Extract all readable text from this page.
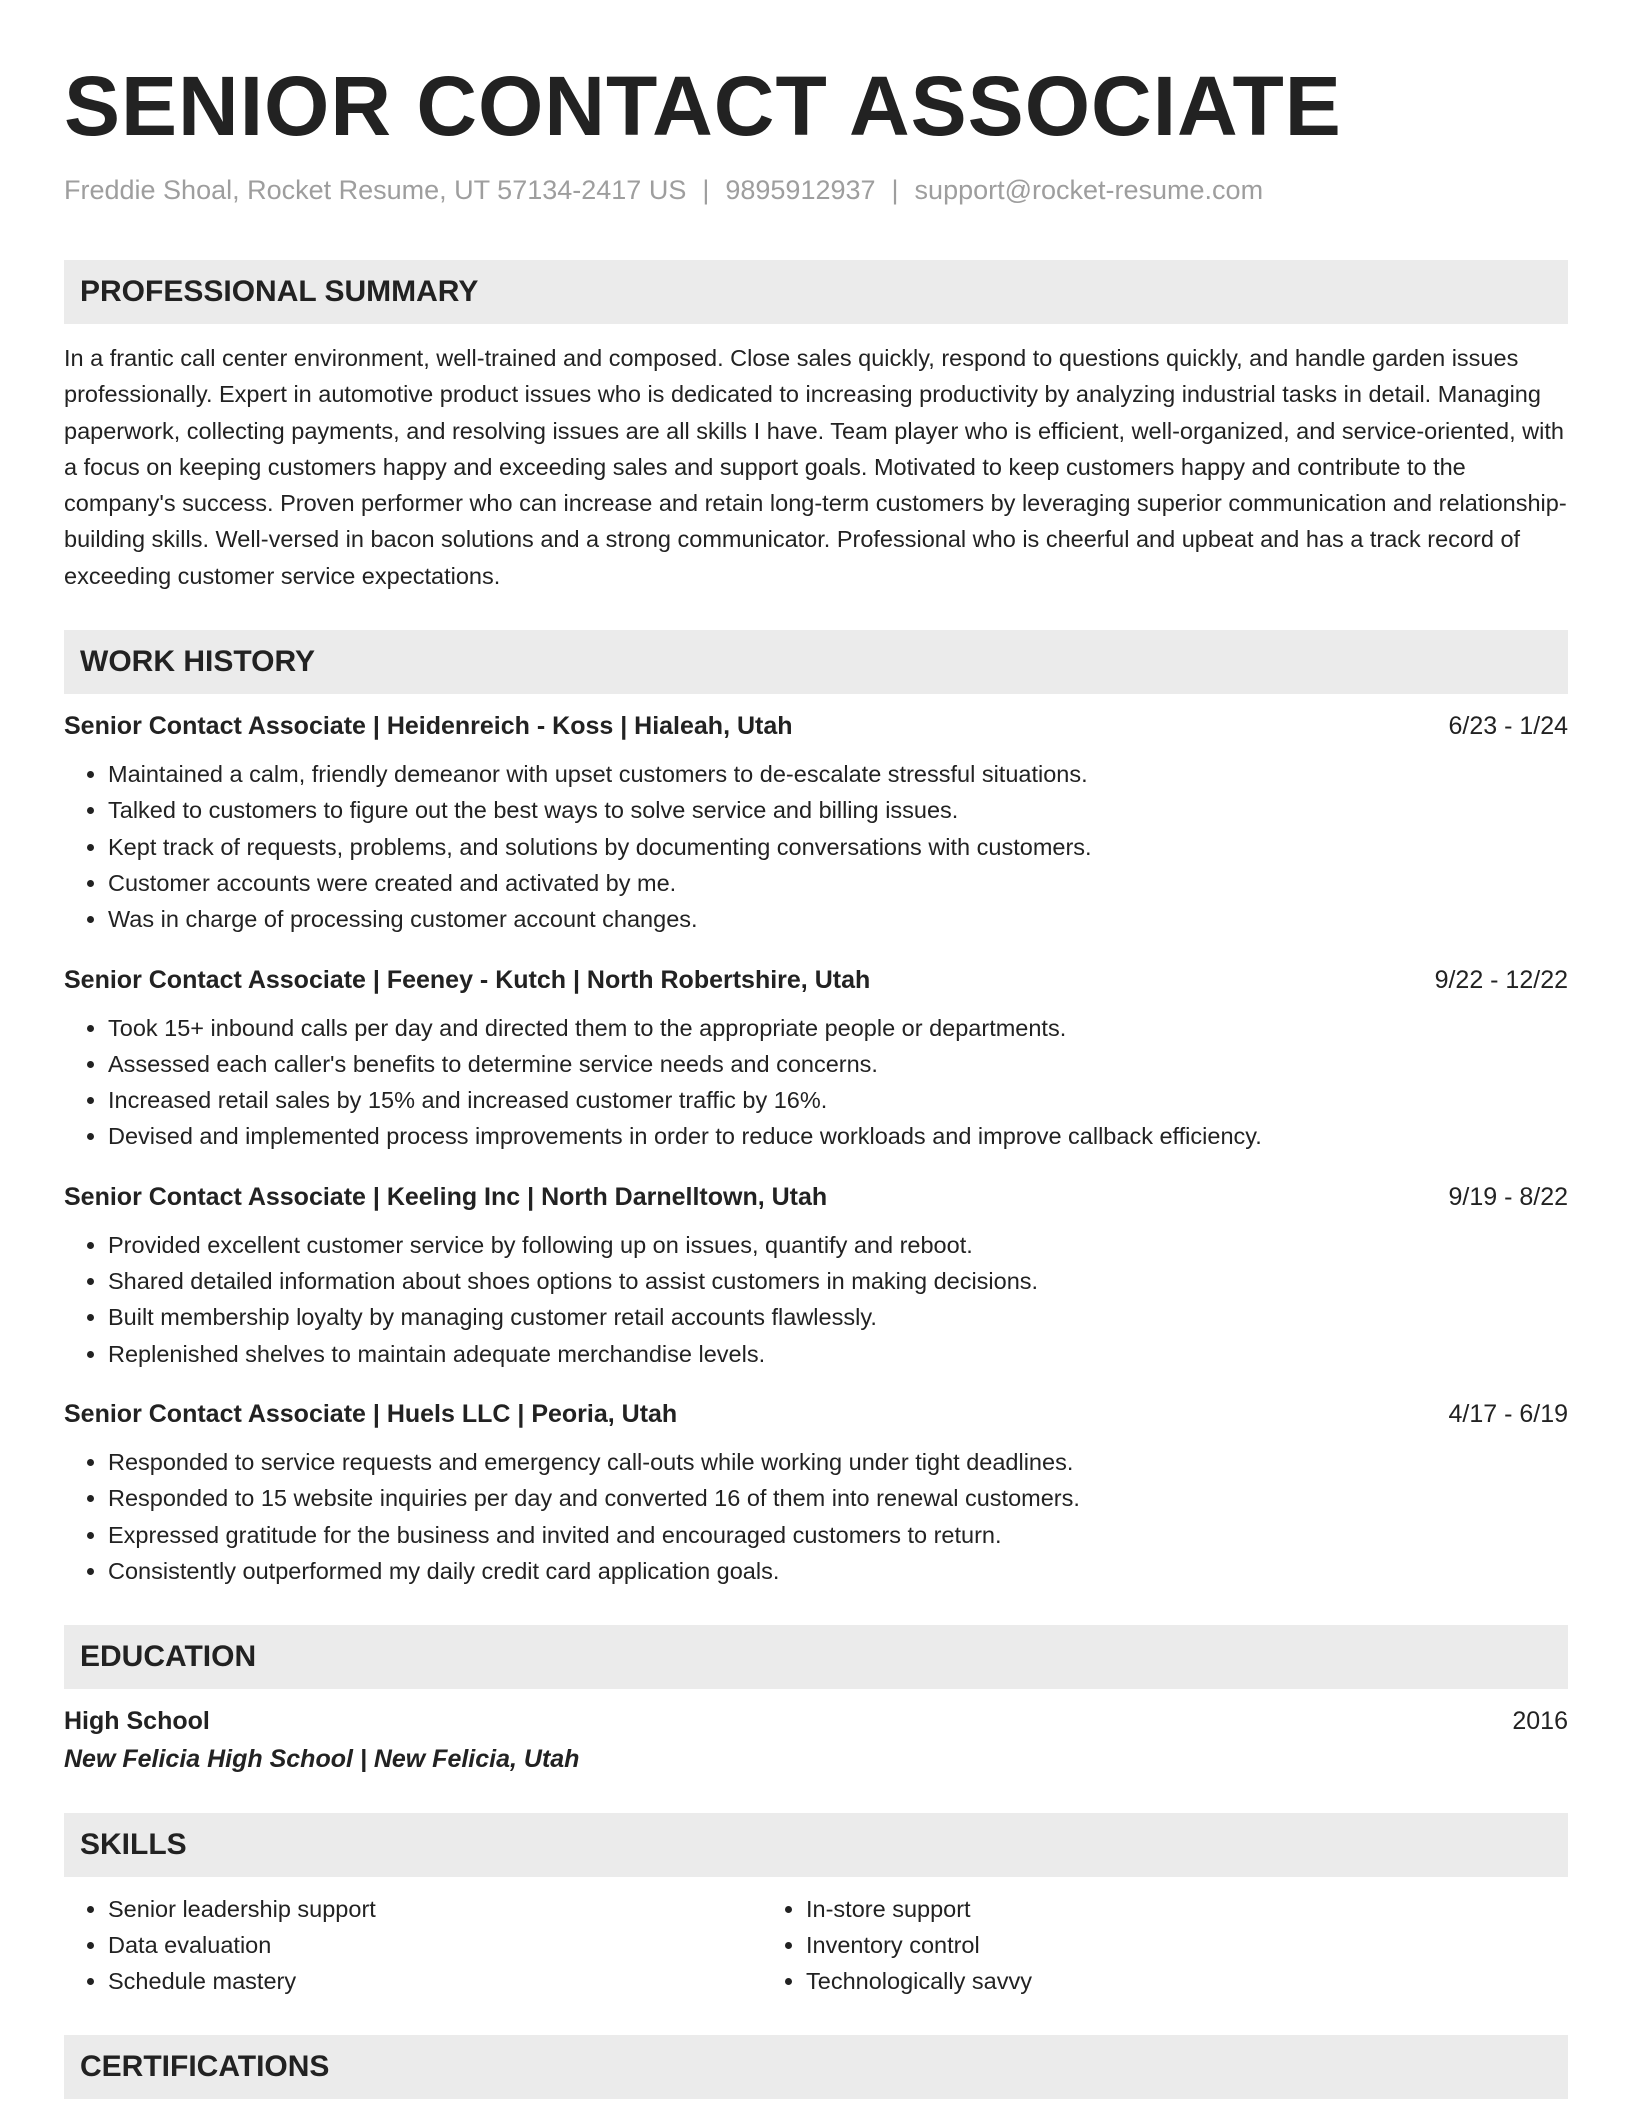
SENIOR CONTACT ASSOCIATE
Freddie Shoal, Rocket Resume, UT 57134-2417 US | 9895912937 | support@rocket-resume.com
PROFESSIONAL SUMMARY
In a frantic call center environment, well-trained and composed. Close sales quickly, respond to questions quickly, and handle garden issues professionally. Expert in automotive product issues who is dedicated to increasing productivity by analyzing industrial tasks in detail. Managing paperwork, collecting payments, and resolving issues are all skills I have. Team player who is efficient, well-organized, and service-oriented, with a focus on keeping customers happy and exceeding sales and support goals. Motivated to keep customers happy and contribute to the company's success. Proven performer who can increase and retain long-term customers by leveraging superior communication and relationship-building skills. Well-versed in bacon solutions and a strong communicator. Professional who is cheerful and upbeat and has a track record of exceeding customer service expectations.
WORK HISTORY
Senior Contact Associate | Heidenreich - Koss | Hialeah, Utah	6/23 - 1/24
• Maintained a calm, friendly demeanor with upset customers to de-escalate stressful situations.
• Talked to customers to figure out the best ways to solve service and billing issues.
• Kept track of requests, problems, and solutions by documenting conversations with customers.
• Customer accounts were created and activated by me.
• Was in charge of processing customer account changes.
Senior Contact Associate | Feeney - Kutch | North Robertshire, Utah	9/22 - 12/22
• Took 15+ inbound calls per day and directed them to the appropriate people or departments.
• Assessed each caller's benefits to determine service needs and concerns.
• Increased retail sales by 15% and increased customer traffic by 16%.
• Devised and implemented process improvements in order to reduce workloads and improve callback efficiency.
Senior Contact Associate | Keeling Inc | North Darnelltown, Utah	9/19 - 8/22
• Provided excellent customer service by following up on issues, quantify and reboot.
• Shared detailed information about shoes options to assist customers in making decisions.
• Built membership loyalty by managing customer retail accounts flawlessly.
• Replenished shelves to maintain adequate merchandise levels.
Senior Contact Associate | Huels LLC | Peoria, Utah	4/17 - 6/19
• Responded to service requests and emergency call-outs while working under tight deadlines.
• Responded to 15 website inquiries per day and converted 16 of them into renewal customers.
• Expressed gratitude for the business and invited and encouraged customers to return.
• Consistently outperformed my daily credit card application goals.
EDUCATION
High School	2016
New Felicia High School | New Felicia, Utah
SKILLS
• Senior leadership support
• Data evaluation
• Schedule mastery
• In-store support
• Inventory control
• Technologically savvy
CERTIFICATIONS
